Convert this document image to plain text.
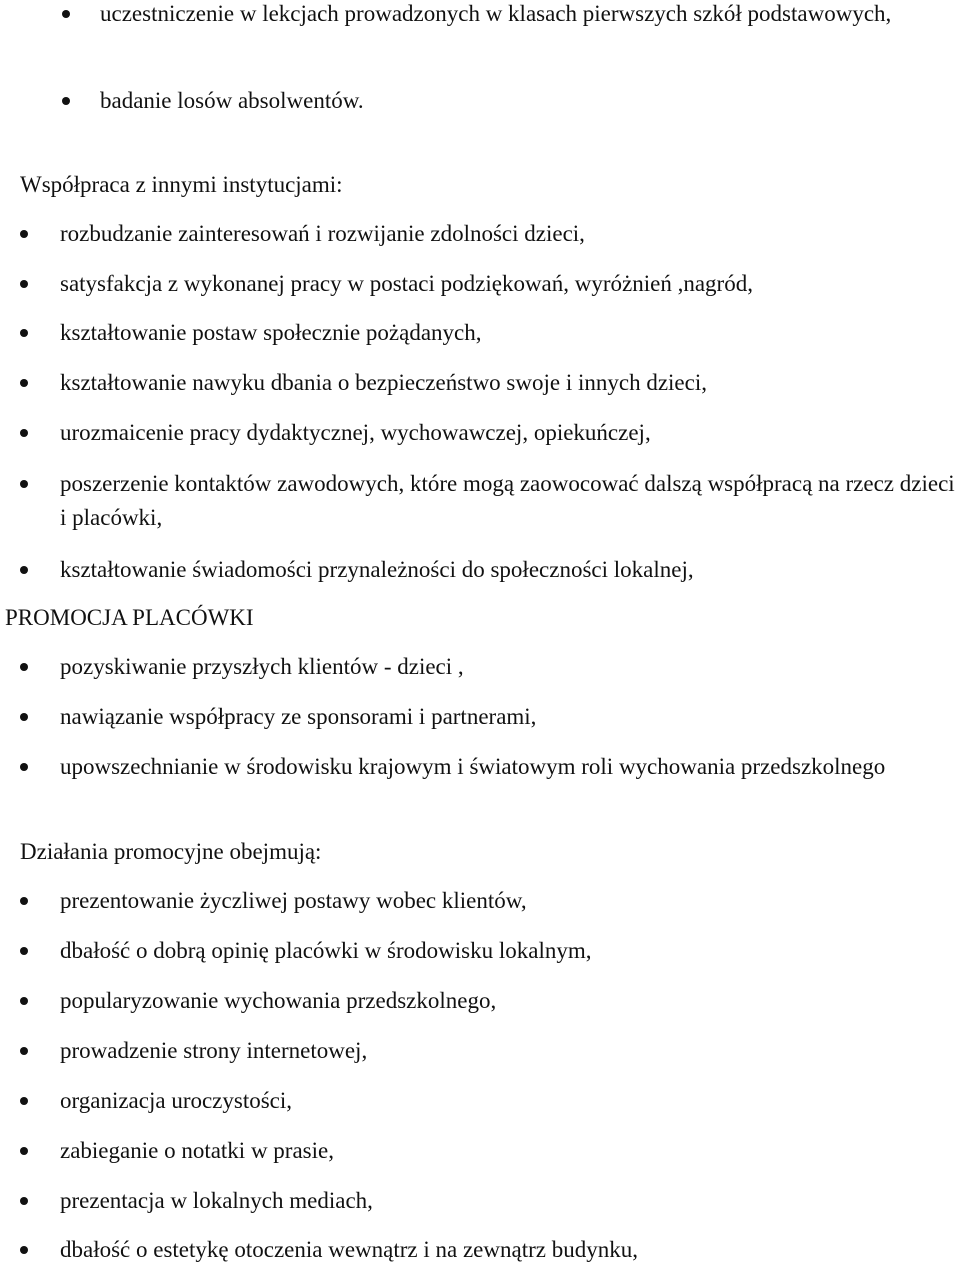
uczestniczenie w lekcjach prowadzonych w klasach pierwszych szkół podstawowych,
badanie losów absolwentów.

Współpraca z innymi instytucjami:

rozbudzanie zainteresowań i rozwijanie zdolności dzieci,
satysfakcja z wykonanej pracy w postaci podziękowań, wyróżnień ,nagród,
kształtowanie postaw społecznie pożądanych,
kształtowanie nawyku dbania o bezpieczeństwo swoje i innych dzieci,
urozmaicenie pracy dydaktycznej, wychowawczej, opiekuńczej,
poszerzenie kontaktów zawodowych, które mogą zaowocować dalszą współpracą na rzecz dzieci i placówki,
kształtowanie świadomości przynależności do społeczności lokalnej,

PROMOCJA PLACÓWKI

pozyskiwanie przyszłych klientów - dzieci ,
nawiązanie współpracy ze sponsorami i partnerami,
upowszechnianie w środowisku krajowym i światowym roli wychowania przedszkolnego

Działania promocyjne obejmują:

prezentowanie życzliwej postawy wobec klientów,
dbałość o dobrą opinię placówki w środowisku lokalnym,
popularyzowanie wychowania przedszkolnego,
prowadzenie strony internetowej,
organizacja uroczystości,
zabieganie o notatki w prasie,
prezentacja w lokalnych mediach,
dbałość o estetykę otoczenia wewnątrz i na zewnątrz budynku,
